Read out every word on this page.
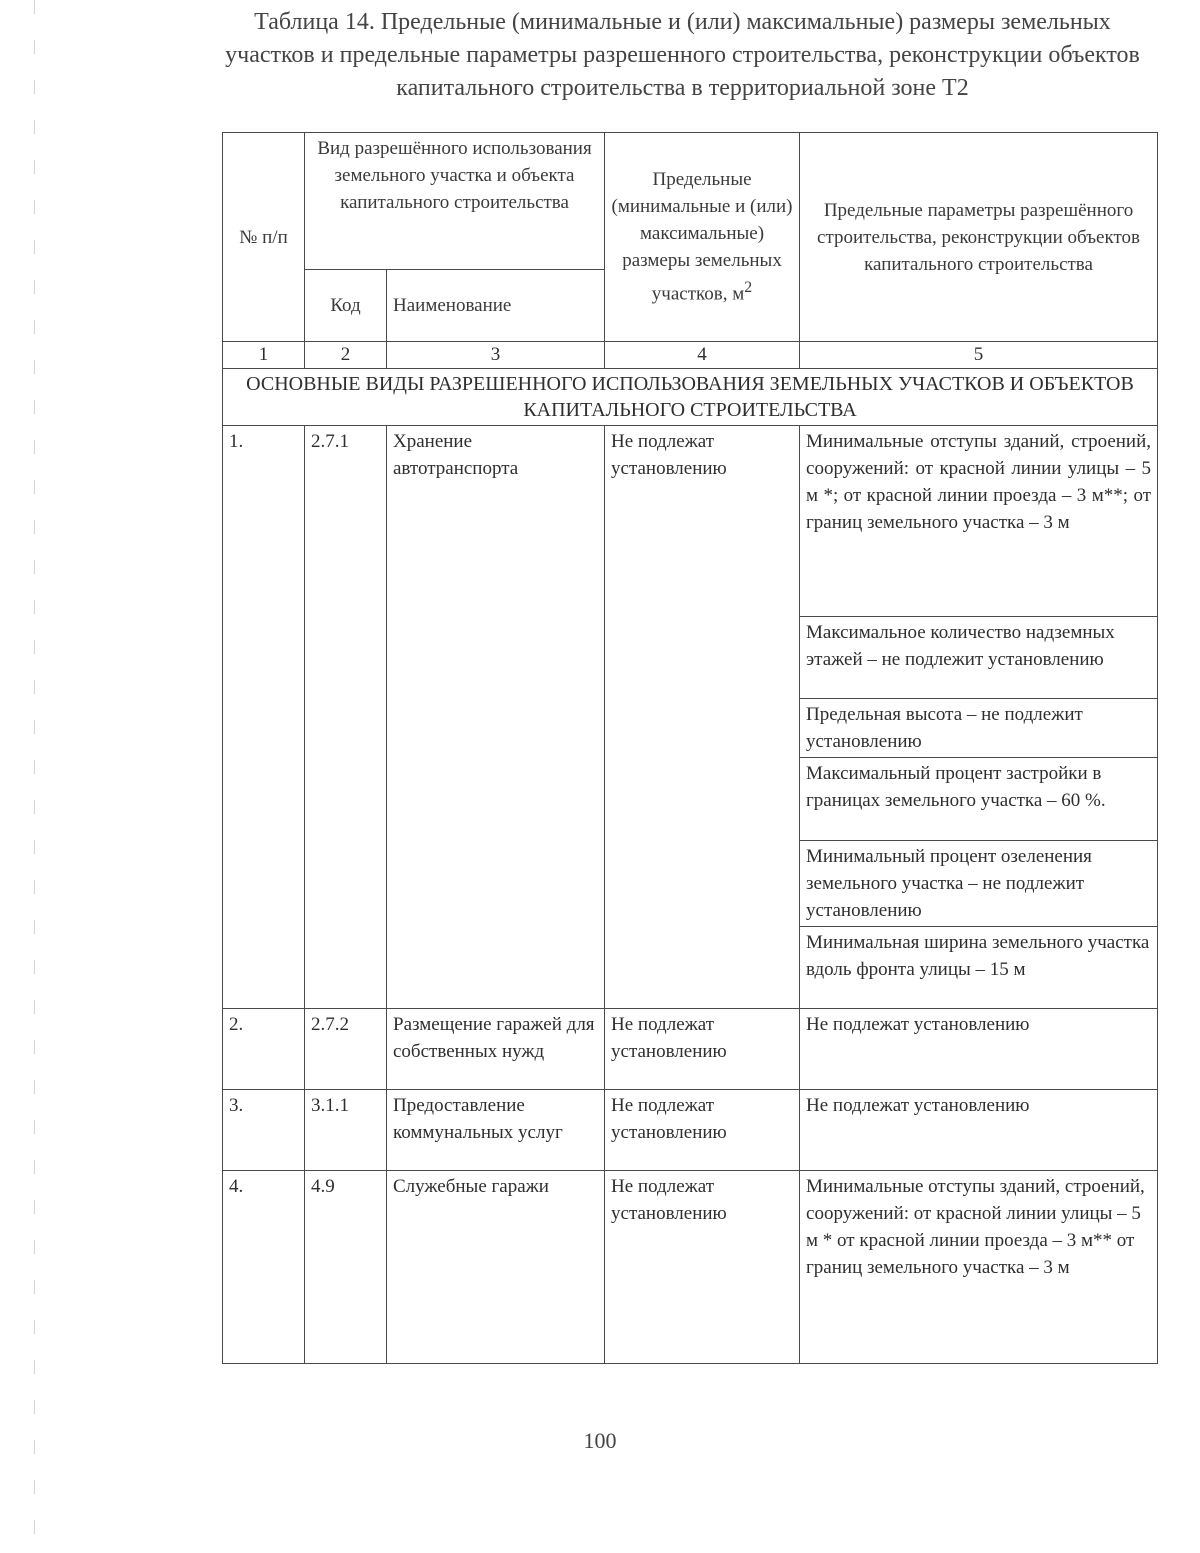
Таблица 14. Предельные (минимальные и (или) максимальные) размеры земельных участков и предельные параметры разрешенного строительства, реконструкции объектов капитального строительства в территориальной зоне Т2
№ п/п	Вид разрешённого использования земельного участка и объекта капитального строительства		Предельные (минимальные и (или) максимальные) размеры земельных участков, $м^2$	Предельные параметры разрешённого строительства, реконструкции объектов капитального строительства
	Код	Наименование		
1	2	3	4	5
ОСНОВНЫЕ ВИДЫ РАЗРЕШЕННОГО ИСПОЛЬЗОВАНИЯ ЗЕМЕЛЬНЫХ УЧАСТКОВ И ОБЪЕКТОВ КАПИТАЛЬНОГО СТРОИТЕЛЬСТВА				
1.	2.7.1	Хранение автотранспорта	Не подлежат установлению	Минимальные отступы зданий, строений, сооружений: от красной линии улицы – 5 м *; от красной линии проезда – 3 м**; от границ земельного участка – 3 м
				Максимальное количество надземных этажей – не подлежит установлению
				Предельная высота – не подлежит установлению
				Максимальный процент застройки в границах земельного участка – 60 %.
				Минимальный процент озеленения земельного участка – не подлежит установлению
				Минимальная ширина земельного участка вдоль фронта улицы – 15 м
2.	2.7.2	Размещение гаражей для собственных нужд	Не подлежат установлению	Не подлежат установлению
3.	3.1.1	Предоставление коммунальных услуг	Не подлежат установлению	Не подлежат установлению
4.	4.9	Служебные гаражи	Не подлежат установлению	Минимальные отступы зданий, строений, сооружений: от красной линии улицы – 5 м * от красной линии проезда – 3 м** от границ земельного участка – 3 м
100
